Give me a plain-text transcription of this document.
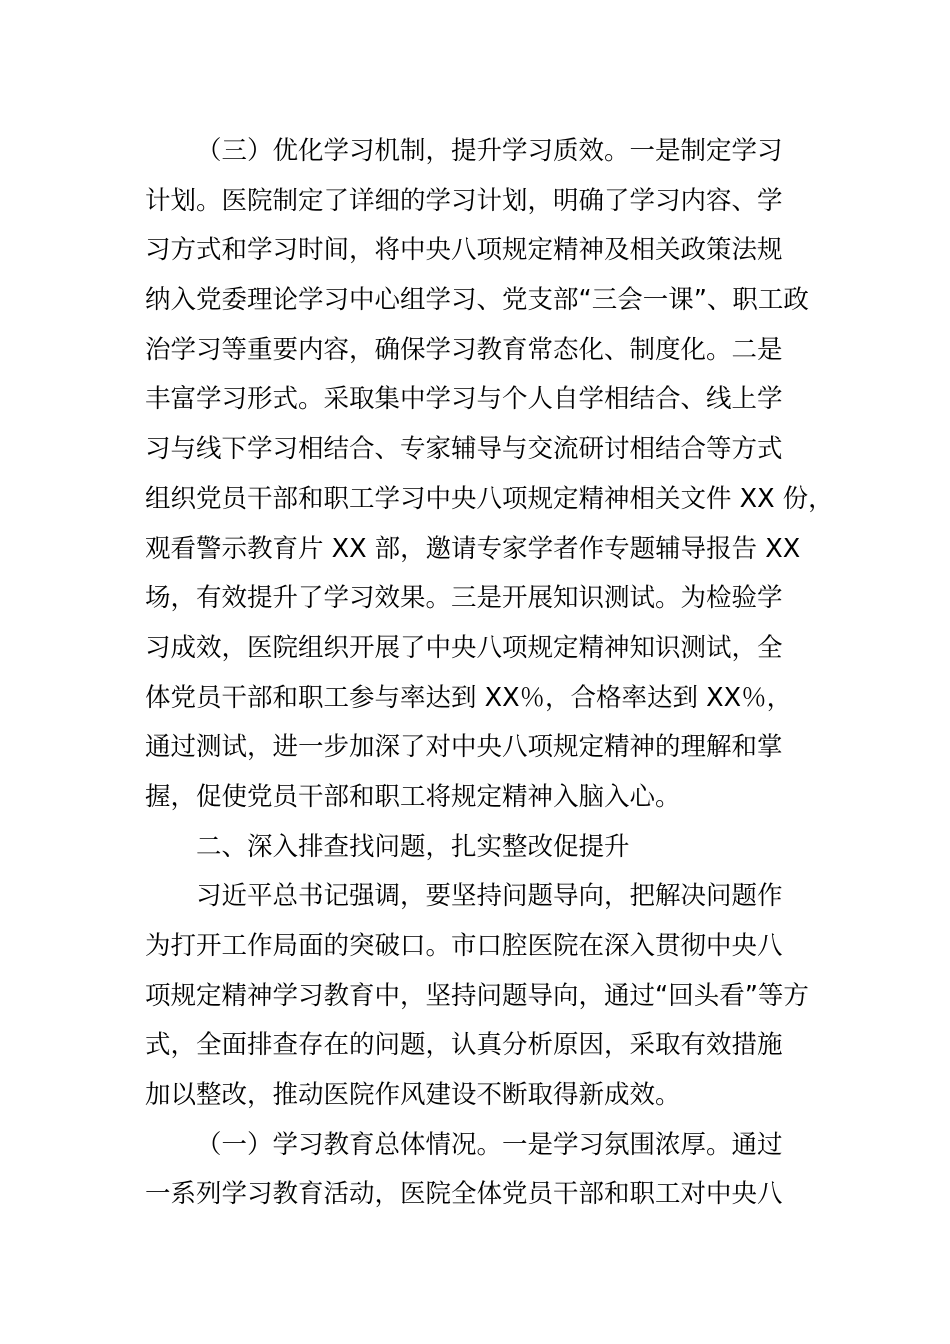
（三）优化学习机制，提升学习质效。一是制定学习
计划。医院制定了详细的学习计划，明确了学习内容、学
习方式和学习时间，将中央八项规定精神及相关政策法规
纳入党委理论学习中心组学习、党支部“三会一课”、职工政
治学习等重要内容，确保学习教育常态化、制度化。二是
丰富学习形式。采取集中学习与个人自学相结合、线上学
习与线下学习相结合、专家辅导与交流研讨相结合等方式
组织党员干部和职工学习中央八项规定精神相关文件 XX 份，
观看警示教育片 XX 部，邀请专家学者作专题辅导报告 XX
场，有效提升了学习效果。三是开展知识测试。为检验学
习成效，医院组织开展了中央八项规定精神知识测试，全
体党员干部和职工参与率达到 XX％，合格率达到 XX％，
通过测试，进一步加深了对中央八项规定精神的理解和掌
握，促使党员干部和职工将规定精神入脑入心。
二、深入排查找问题，扎实整改促提升
习近平总书记强调，要坚持问题导向，把解决问题作
为打开工作局面的突破口。市口腔医院在深入贯彻中央八
项规定精神学习教育中，坚持问题导向，通过“回头看”等方
式，全面排查存在的问题，认真分析原因，采取有效措施
加以整改，推动医院作风建设不断取得新成效。
（一）学习教育总体情况。一是学习氛围浓厚。通过
一系列学习教育活动，医院全体党员干部和职工对中央八
